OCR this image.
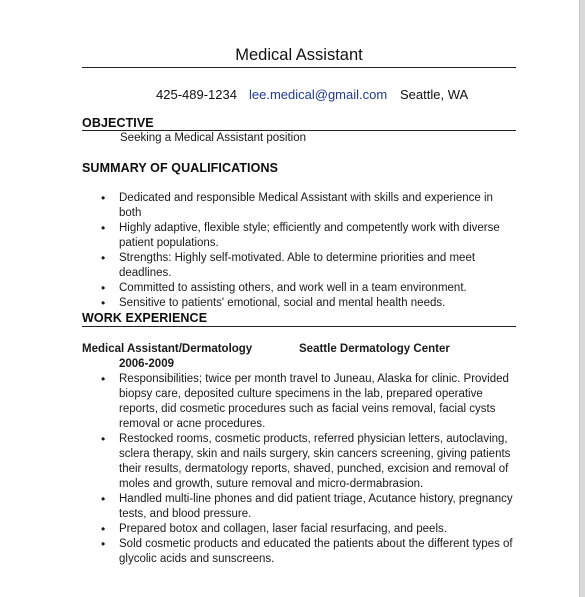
Medical Assistant
425-489-1234 lee.medical@gmail.com Seattle, WA
OBJECTIVE
Seeking a Medical Assistant position
SUMMARY OF QUALIFICATIONS
• Dedicated and responsible Medical Assistant with skills and experience in both
• Highly adaptive, flexible style; efficiently and competently work with diverse patient populations.
• Strengths: Highly self-motivated. Able to determine priorities and meet deadlines.
• Committed to assisting others, and work well in a team environment.
• Sensitive to patients' emotional, social and mental health needs.
WORK EXPERIENCE
Medical Assistant/Dermatology	Seattle Dermatology Center
2006-2009
• Responsibilities; twice per month travel to Juneau, Alaska for clinic. Provided biopsy care, deposited culture specimens in the lab, prepared operative reports, did cosmetic procedures such as facial veins removal, facial cysts removal or acne procedures.
• Restocked rooms, cosmetic products, referred physician letters, autoclaving, sclera therapy, skin and nails surgery, skin cancers screening, giving patients their results, dermatology reports, shaved, punched, excision and removal of moles and growth, suture removal and micro-dermabrasion.
• Handled multi-line phones and did patient triage, Acutance history, pregnancy tests, and blood pressure.
• Prepared botox and collagen, laser facial resurfacing, and peels.
• Sold cosmetic products and educated the patients about the different types of glycolic acids and sunscreens.
